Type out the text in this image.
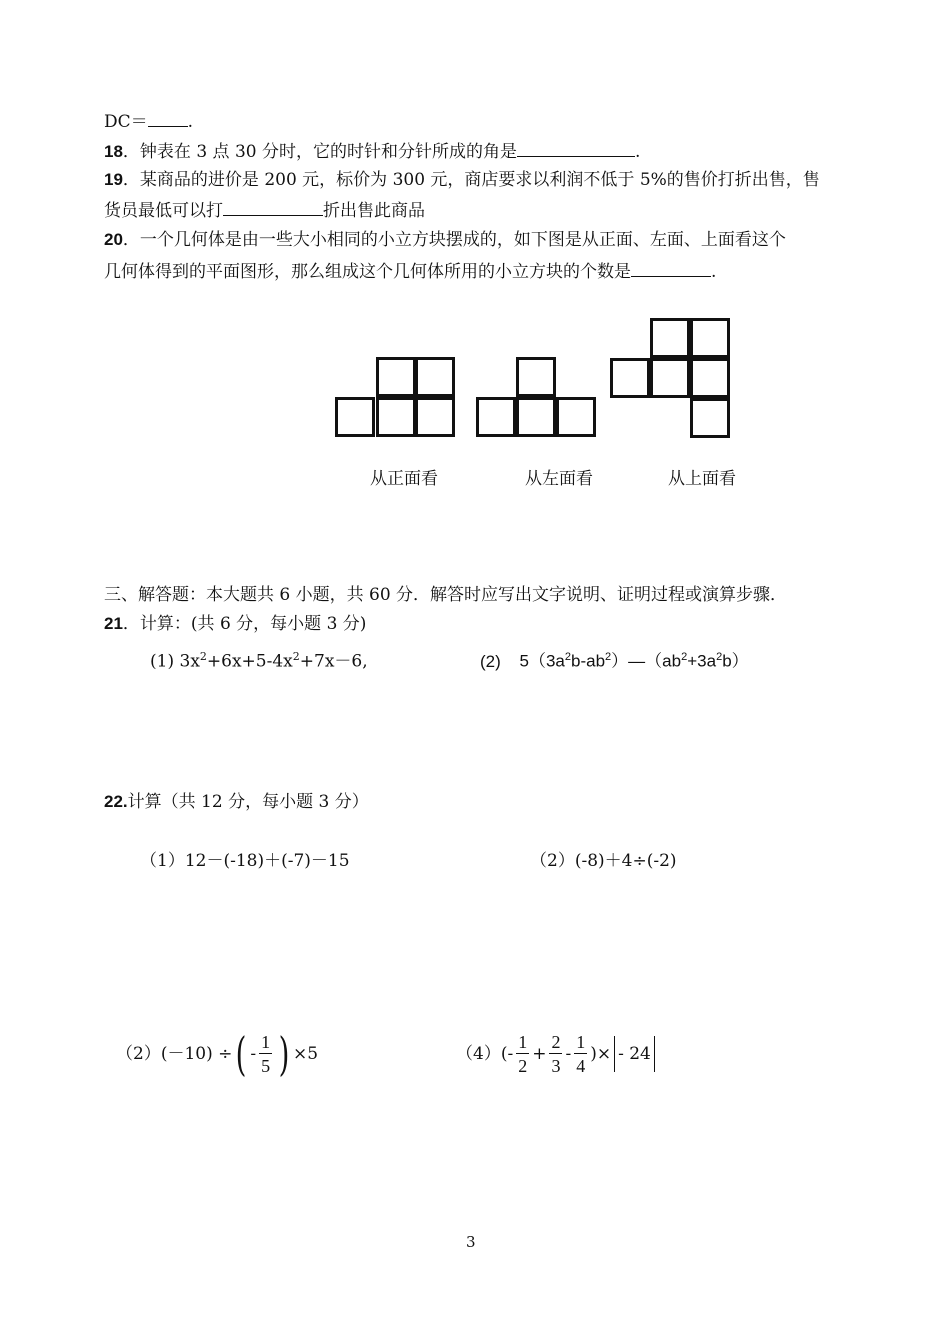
DC＝ .
18．钟表在 3 点 30 分时，它的时针和分针所成的角是	.
19．某商品的进价是 200 元，标价为 300 元，商店要求以利润不低于 5%的售价打折出售，售
货员最低可以打	折出售此商品
20．一个几何体是由一些大小相同的小立方块摆成的，如下图是从正面、左面、上面看这个
几何体得到的平面图形，那么组成这个几何体所用的小立方块的个数是	.
从正面看	从左面看	从上面看
三、解答题：本大题共 6 小题，共 60 分．解答时应写出文字说明、证明过程或演算步骤．
21．计算：(共 6 分，每小题 3 分)
(1) $3x^2+6x+5-4x^2+7x-6$,	(2) $5(3a^2b-ab^2)—(ab^2+3a^2b)$
22.计算（共 12 分，每小题 3 分）
（1）12－(-18)＋(-7)－15	（2）(-8)＋4÷(-2)
（2）(－10) ÷ ( - $\frac{1}{5}$ ) ×5	$(4)(- \frac{1}{2} + \frac{2}{3} - \frac{1}{4}$ )× - 24
3
